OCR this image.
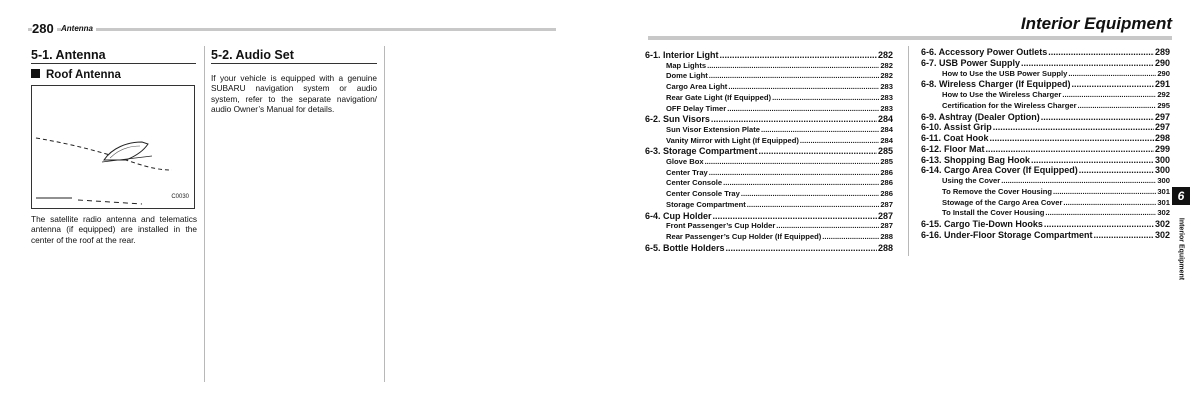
280 Antenna
5-1. Antenna
Roof Antenna
C0030
The satellite radio antenna and telematics antenna (if equipped) are installed in the center of the roof at the rear.
5-2. Audio Set
If your vehicle is equipped with a genuine SUBARU navigation system or audio system, refer to the separate navigation/ audio Owner’s Manual for details.
Interior Equipment
6-1. Interior Light .....	282
Map Lights .....	282
Dome Light .....	282
Cargo Area Light .....	283
Rear Gate Light (If Equipped) .....	283
OFF Delay Timer .....	283
6-2. Sun Visors .....	284
Sun Visor Extension Plate .....	284
Vanity Mirror with Light (If Equipped) .....	284
6-3. Storage Compartment .....	285
Glove Box .....	285
Center Tray .....	286
Center Console .....	286
Center Console Tray .....	286
Storage Compartment .....	287
6-4. Cup Holder .....	287
Front Passenger’s Cup Holder .....	287
Rear Passenger’s Cup Holder (If Equipped) .....	288
6-5. Bottle Holders .....	288
6-6. Accessory Power Outlets .....	289
6-7. USB Power Supply .....	290
How to Use the USB Power Supply .....	290
6-8. Wireless Charger (If Equipped) .....	291
How to Use the Wireless Charger .....	292
Certification for the Wireless Charger .....	295
6-9. Ashtray (Dealer Option) .....	297
6-10. Assist Grip .....	297
6-11. Coat Hook .....	298
6-12. Floor Mat .....	299
6-13. Shopping Bag Hook .....	300
6-14. Cargo Area Cover (If Equipped) .....	300
Using the Cover .....	300
To Remove the Cover Housing .....	301
Stowage of the Cargo Area Cover .....	301
To Install the Cover Housing .....	302
6-15. Cargo Tie-Down Hooks .....	302
6-16. Under-Floor Storage Compartment .....	302
6
Interior Equipment
